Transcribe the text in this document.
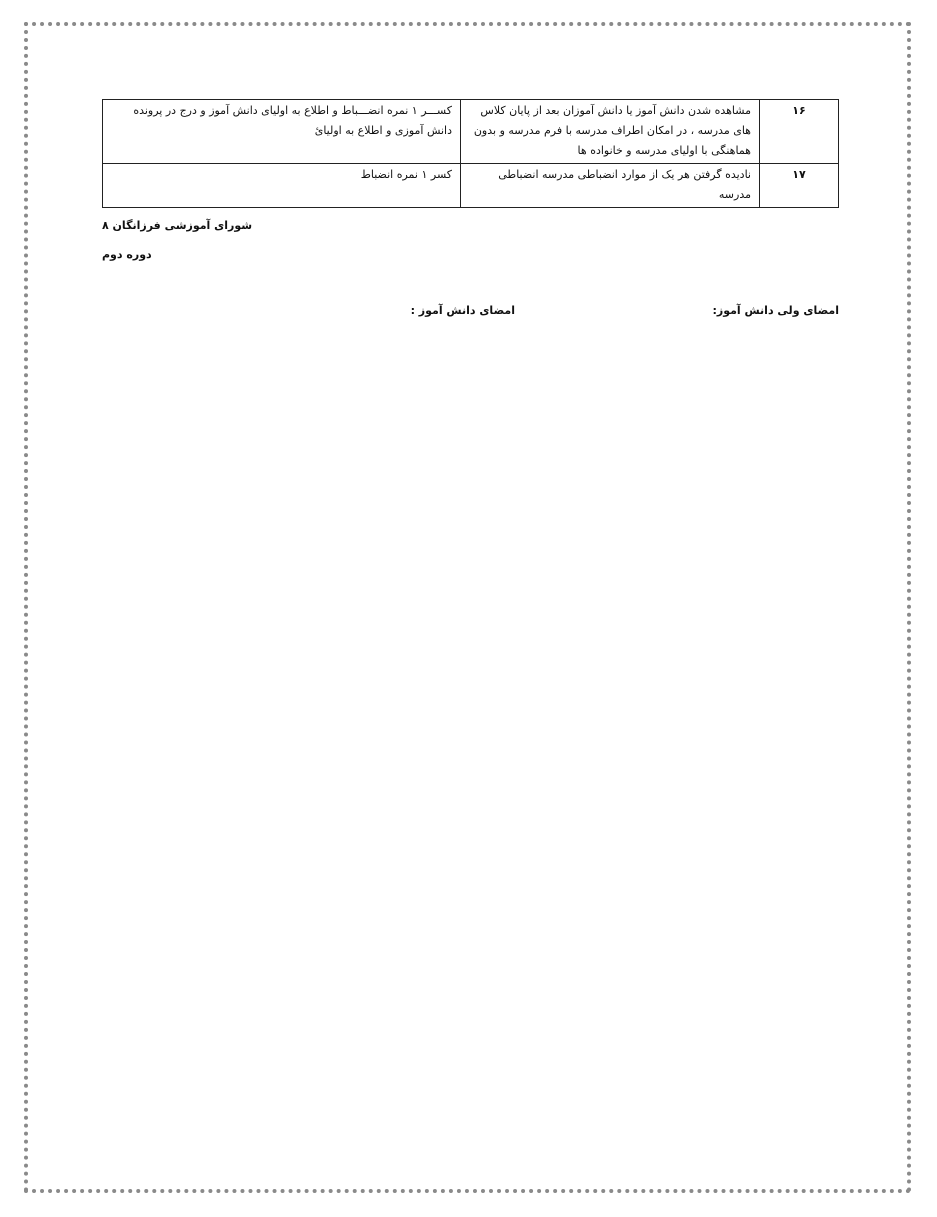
۱۶	مشاهده شدن دانش آموز یا دانش آموزان بعد از پایان کلاس های مدرسه ، در امکان اطراف مدرسه با فرم مدرسه و بدون هماهنگی با اولیای مدرسه و خانواده ها	کســـر ۱ نمره انضـــباط و اطلاع به اولیای دانش آموز و درج در پرونده دانش آموزی و اطلاع به اولیائ
۱۷	نادیده گرفتن هر یک از موارد انضباطی مدرسه انضباطی مدرسه	کسر ۱ نمره انضباط
شورای آموزشی فرزانگان ۸
دوره دوم
امضای ولی دانش آموز:
امضای دانش آموز :
